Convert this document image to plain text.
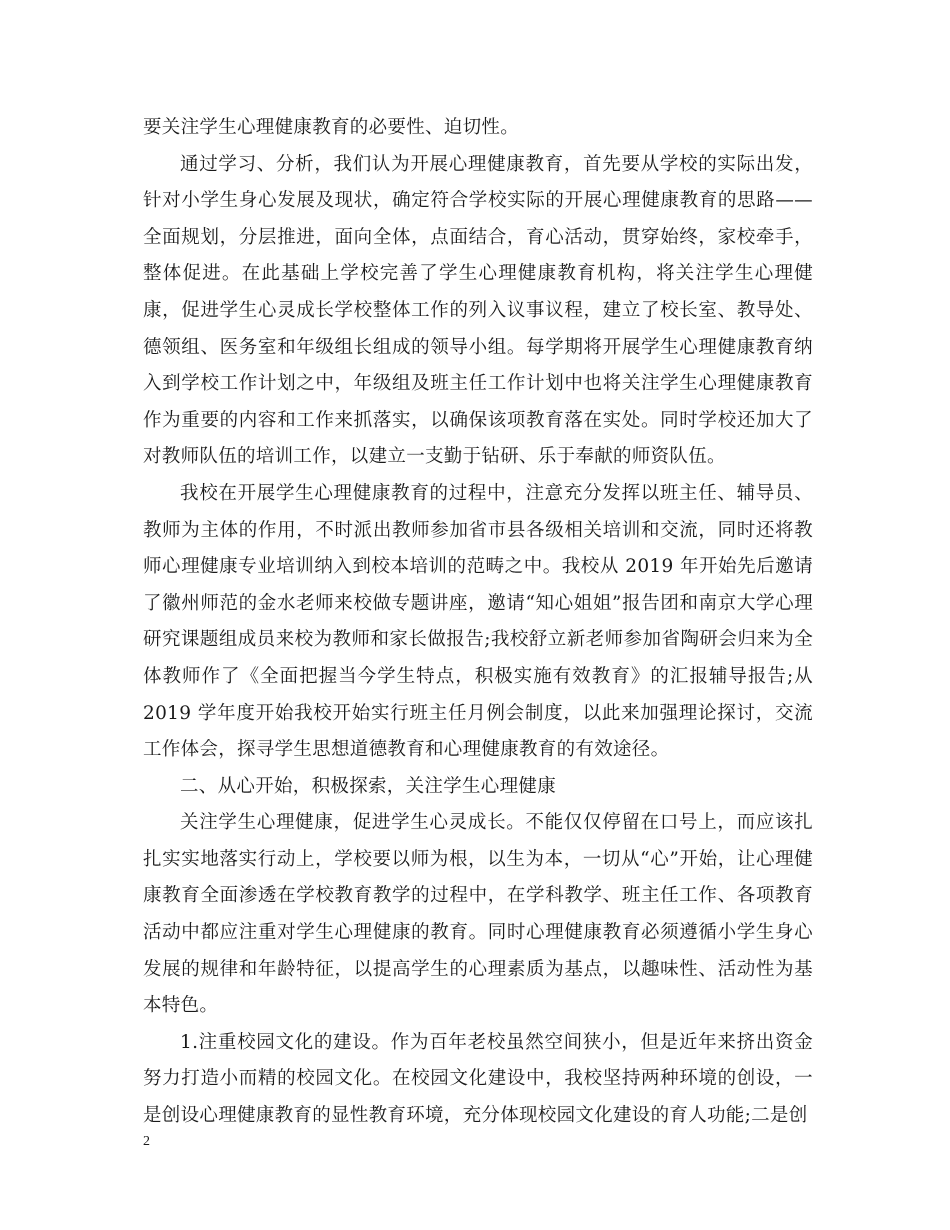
要关注学生心理健康教育的必要性、迫切性。

通过学习、分析，我们认为开展心理健康教育，首先要从学校的实际出发，针对小学生身心发展及现状，确定符合学校实际的开展心理健康教育的思路——全面规划，分层推进，面向全体，点面结合，育心活动，贯穿始终，家校牵手，整体促进。在此基础上学校完善了学生心理健康教育机构，将关注学生心理健康，促进学生心灵成长学校整体工作的列入议事议程，建立了校长室、教导处、德领组、医务室和年级组长组成的领导小组。每学期将开展学生心理健康教育纳入到学校工作计划之中，年级组及班主任工作计划中也将关注学生心理健康教育作为重要的内容和工作来抓落实，以确保该项教育落在实处。同时学校还加大了对教师队伍的培训工作，以建立一支勤于钻研、乐于奉献的师资队伍。

我校在开展学生心理健康教育的过程中，注意充分发挥以班主任、辅导员、教师为主体的作用，不时派出教师参加省市县各级相关培训和交流，同时还将教师心理健康专业培训纳入到校本培训的范畴之中。我校从 2019 年开始先后邀请了徽州师范的金水老师来校做专题讲座，邀请“知心姐姐”报告团和南京大学心理研究课题组成员来校为教师和家长做报告;我校舒立新老师参加省陶研会归来为全体教师作了《全面把握当今学生特点，积极实施有效教育》的汇报辅导报告;从 2019 学年度开始我校开始实行班主任月例会制度，以此来加强理论探讨，交流工作体会，探寻学生思想道德教育和心理健康教育的有效途径。

二、从心开始，积极探索，关注学生心理健康

关注学生心理健康，促进学生心灵成长。不能仅仅停留在口号上，而应该扎扎实实地落实行动上，学校要以师为根，以生为本，一切从“心”开始，让心理健康教育全面渗透在学校教育教学的过程中，在学科教学、班主任工作、各项教育活动中都应注重对学生心理健康的教育。同时心理健康教育必须遵循小学生身心发展的规律和年龄特征，以提高学生的心理素质为基点，以趣味性、活动性为基本特色。

1.注重校园文化的建设。作为百年老校虽然空间狭小，但是近年来挤出资金努力打造小而精的校园文化。在校园文化建设中，我校坚持两种环境的创设，一是创设心理健康教育的显性教育环境，充分体现校园文化建设的育人功能;二是创

2
